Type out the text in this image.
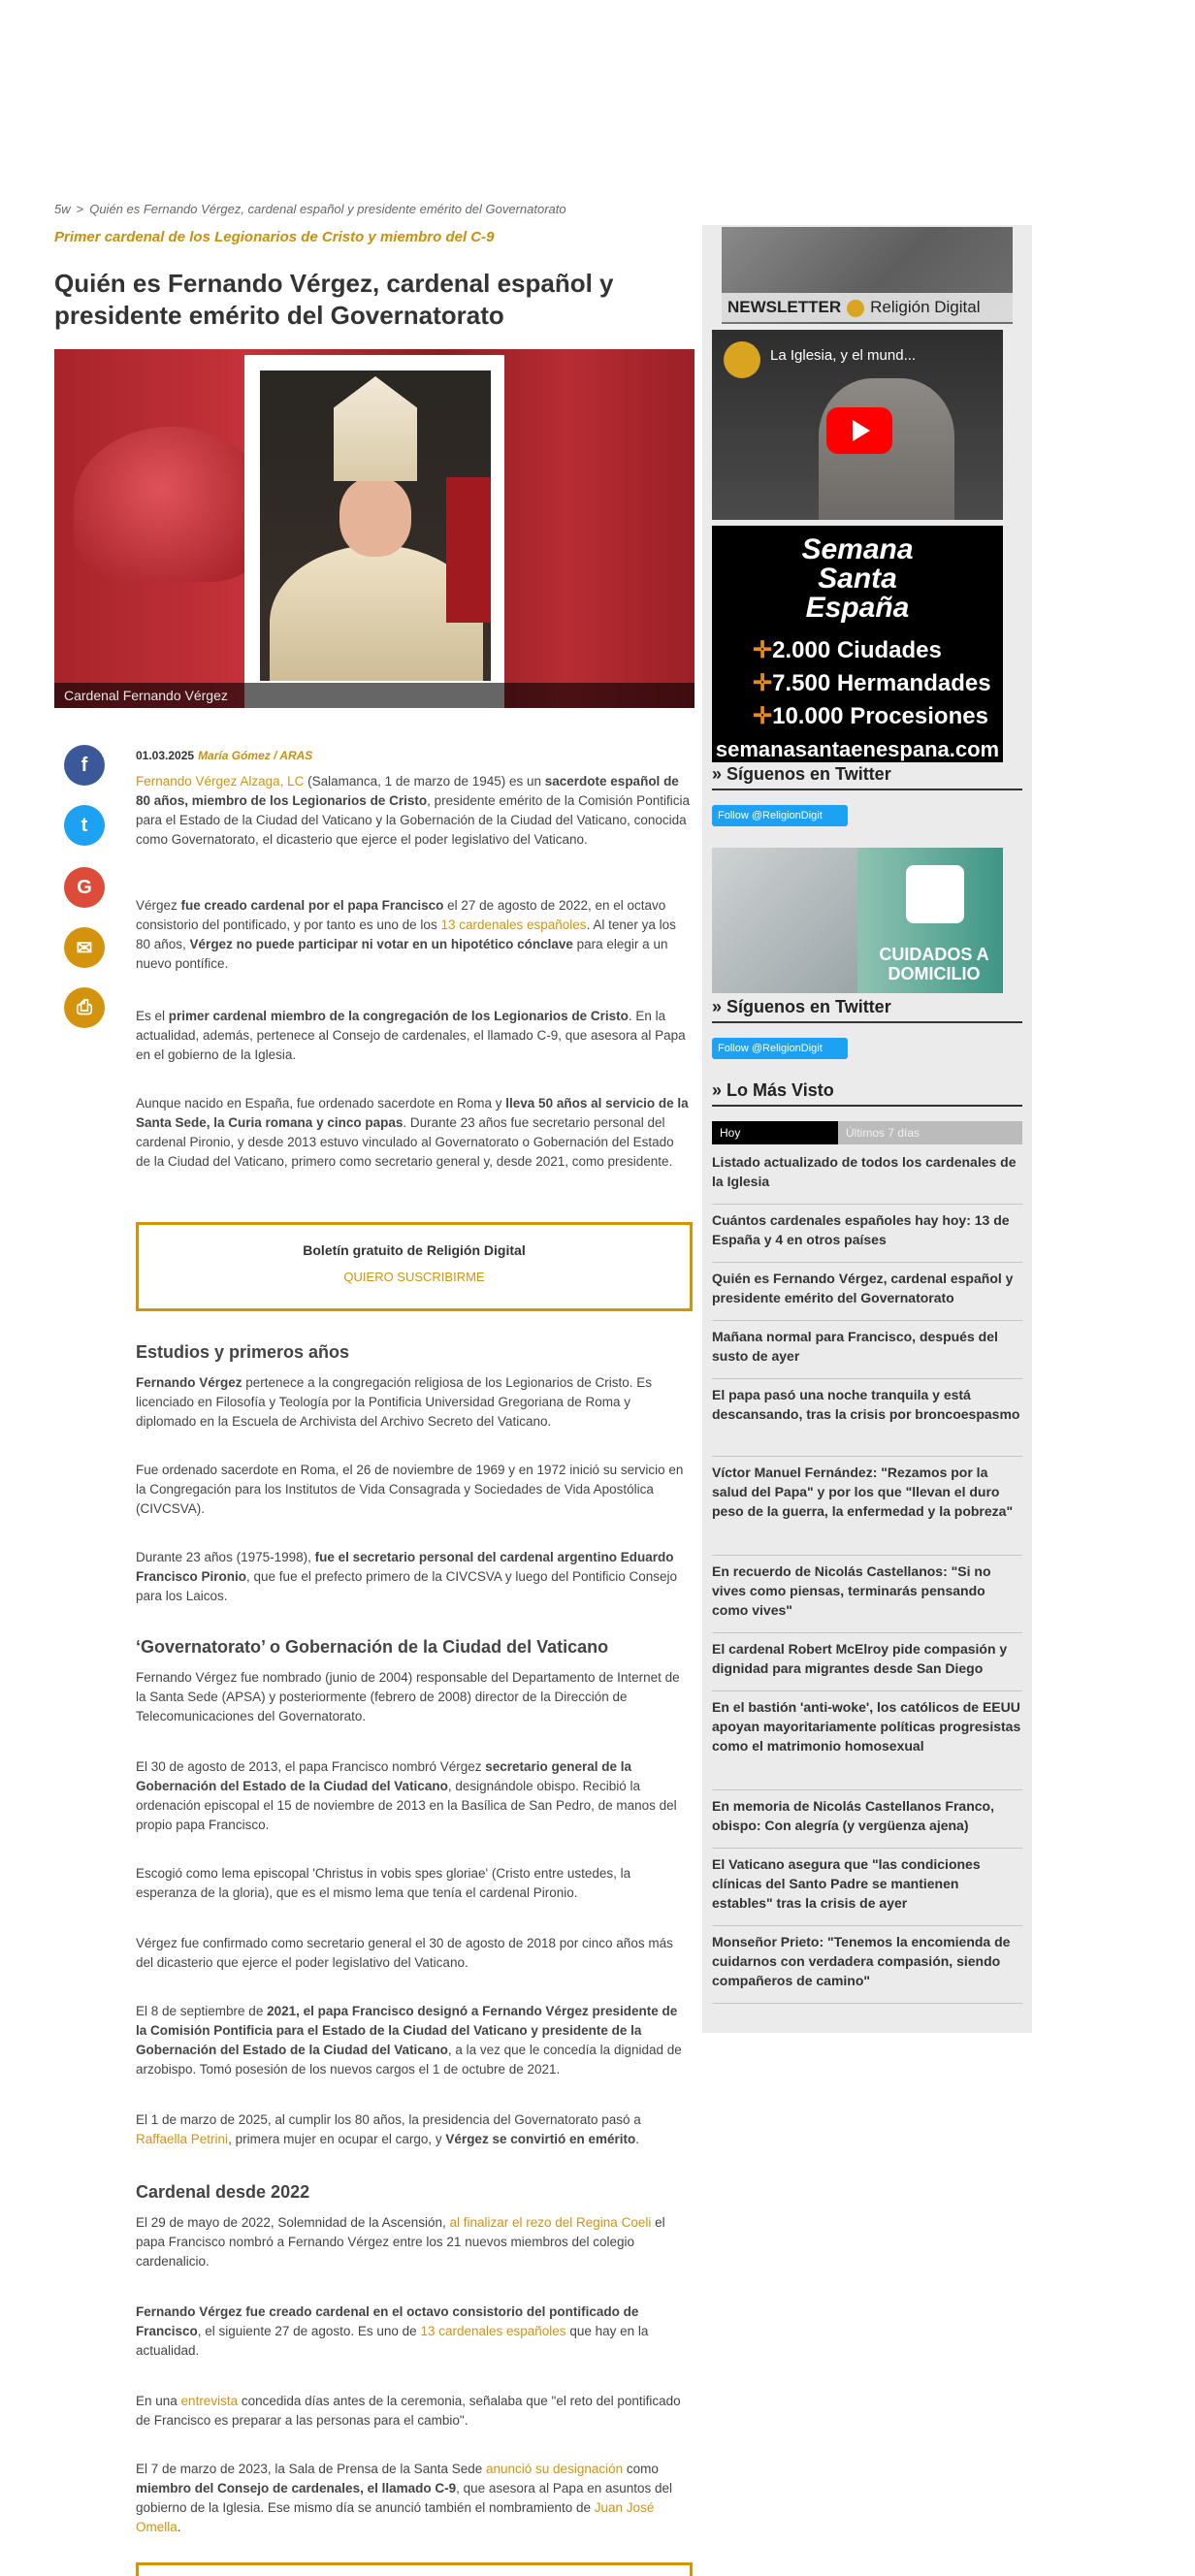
5w > Quién es Fernando Vérgez, cardenal español y presidente emérito del Governatorato
Primer cardenal de los Legionarios de Cristo y miembro del C-9
Quién es Fernando Vérgez, cardenal español y presidente emérito del Governatorato
Cardenal Fernando Vérgez
f
t
G
✉
⎙
01.03.2025 María Gómez / ARAS
Fernando Vérgez Alzaga, LC (Salamanca, 1 de marzo de 1945) es un sacerdote español de 80 años, miembro de los Legionarios de Cristo, presidente emérito de la Comisión Pontificia para el Estado de la Ciudad del Vaticano y la Gobernación de la Ciudad del Vaticano, conocida como Governatorato, el dicasterio que ejerce el poder legislativo del Vaticano.
Vérgez fue creado cardenal por el papa Francisco el 27 de agosto de 2022, en el octavo consistorio del pontificado, y por tanto es uno de los 13 cardenales españoles. Al tener ya los 80 años, Vérgez no puede participar ni votar en un hipotético cónclave para elegir a un nuevo pontífice.
Es el primer cardenal miembro de la congregación de los Legionarios de Cristo. En la actualidad, además, pertenece al Consejo de cardenales, el llamado C-9, que asesora al Papa en el gobierno de la Iglesia.
Aunque nacido en España, fue ordenado sacerdote en Roma y lleva 50 años al servicio de la Santa Sede, la Curia romana y cinco papas. Durante 23 años fue secretario personal del cardenal Pironio, y desde 2013 estuvo vinculado al Governatorato o Gobernación del Estado de la Ciudad del Vaticano, primero como secretario general y, desde 2021, como presidente.
Boletín gratuito de Religión Digital
QUIERO SUSCRIBIRME
Estudios y primeros años
Fernando Vérgez pertenece a la congregación religiosa de los Legionarios de Cristo. Es licenciado en Filosofía y Teología por la Pontificia Universidad Gregoriana de Roma y diplomado en la Escuela de Archivista del Archivo Secreto del Vaticano.
Fue ordenado sacerdote en Roma, el 26 de noviembre de 1969 y en 1972 inició su servicio en la Congregación para los Institutos de Vida Consagrada y Sociedades de Vida Apostólica (CIVCSVA).
Durante 23 años (1975-1998), fue el secretario personal del cardenal argentino Eduardo Francisco Pironio, que fue el prefecto primero de la CIVCSVA y luego del Pontificio Consejo para los Laicos.
‘Governatorato’ o Gobernación de la Ciudad del Vaticano
Fernando Vérgez fue nombrado (junio de 2004) responsable del Departamento de Internet de la Santa Sede (APSA) y posteriormente (febrero de 2008) director de la Dirección de Telecomunicaciones del Governatorato.
El 30 de agosto de 2013, el papa Francisco nombró Vérgez secretario general de la Gobernación del Estado de la Ciudad del Vaticano, designándole obispo. Recibió la ordenación episcopal el 15 de noviembre de 2013 en la Basílica de San Pedro, de manos del propio papa Francisco.
Escogió como lema episcopal 'Christus in vobis spes gloriae' (Cristo entre ustedes, la esperanza de la gloria), que es el mismo lema que tenía el cardenal Pironio.
Vérgez fue confirmado como secretario general el 30 de agosto de 2018 por cinco años más del dicasterio que ejerce el poder legislativo del Vaticano.
El 8 de septiembre de 2021, el papa Francisco designó a Fernando Vérgez presidente de la Comisión Pontificia para el Estado de la Ciudad del Vaticano y presidente de la Gobernación del Estado de la Ciudad del Vaticano, a la vez que le concedía la dignidad de arzobispo. Tomó posesión de los nuevos cargos el 1 de octubre de 2021.
El 1 de marzo de 2025, al cumplir los 80 años, la presidencia del Governatorato pasó a Raffaella Petrini, primera mujer en ocupar el cargo, y Vérgez se convirtió en emérito.
Cardenal desde 2022
El 29 de mayo de 2022, Solemnidad de la Ascensión, al finalizar el rezo del Regina Coeli el papa Francisco nombró a Fernando Vérgez entre los 21 nuevos miembros del colegio cardenalicio.
Fernando Vérgez fue creado cardenal en el octavo consistorio del pontificado de Francisco, el siguiente 27 de agosto. Es uno de 13 cardenales españoles que hay en la actualidad.
En una entrevista concedida días antes de la ceremonia, señalaba que "el reto del pontificado de Francisco es preparar a las personas para el cambio".
El 7 de marzo de 2023, la Sala de Prensa de la Santa Sede anunció su designación como miembro del Consejo de cardenales, el llamado C-9, que asesora al Papa en asuntos del gobierno de la Iglesia. Ese mismo día se anunció también el nombramiento de Juan José Omella.
NEWSLETTER Religión Digital
La Iglesia, y el mund...
Semana
Santa
España
✛2.000 Ciudades
✛7.500 Hermandades
✛10.000 Procesiones
semanasantaenespana.com
» Síguenos en Twitter
Follow @ReligionDigit
CUIDADOS A DOMICILIO
» Síguenos en Twitter
Follow @ReligionDigit
» Lo Más Visto
Hoy	Últimos 7 días
Listado actualizado de todos los cardenales de la Iglesia
Cuántos cardenales españoles hay hoy: 13 de España y 4 en otros países
Quién es Fernando Vérgez, cardenal español y presidente emérito del Governatorato
Mañana normal para Francisco, después del susto de ayer
El papa pasó una noche tranquila y está descansando, tras la crisis por broncoespasmo
Víctor Manuel Fernández: "Rezamos por la salud del Papa" y por los que "llevan el duro peso de la guerra, la enfermedad y la pobreza"
En recuerdo de Nicolás Castellanos: "Si no vives como piensas, terminarás pensando como vives"
El cardenal Robert McElroy pide compasión y dignidad para migrantes desde San Diego
En el bastión 'anti-woke', los católicos de EEUU apoyan mayoritariamente políticas progresistas como el matrimonio homosexual
En memoria de Nicolás Castellanos Franco, obispo: Con alegría (y vergüenza ajena)
El Vaticano asegura que "las condiciones clínicas del Santo Padre se mantienen estables" tras la crisis de ayer
Monseñor Prieto: "Tenemos la encomienda de cuidarnos con verdadera compasión, siendo compañeros de camino"
